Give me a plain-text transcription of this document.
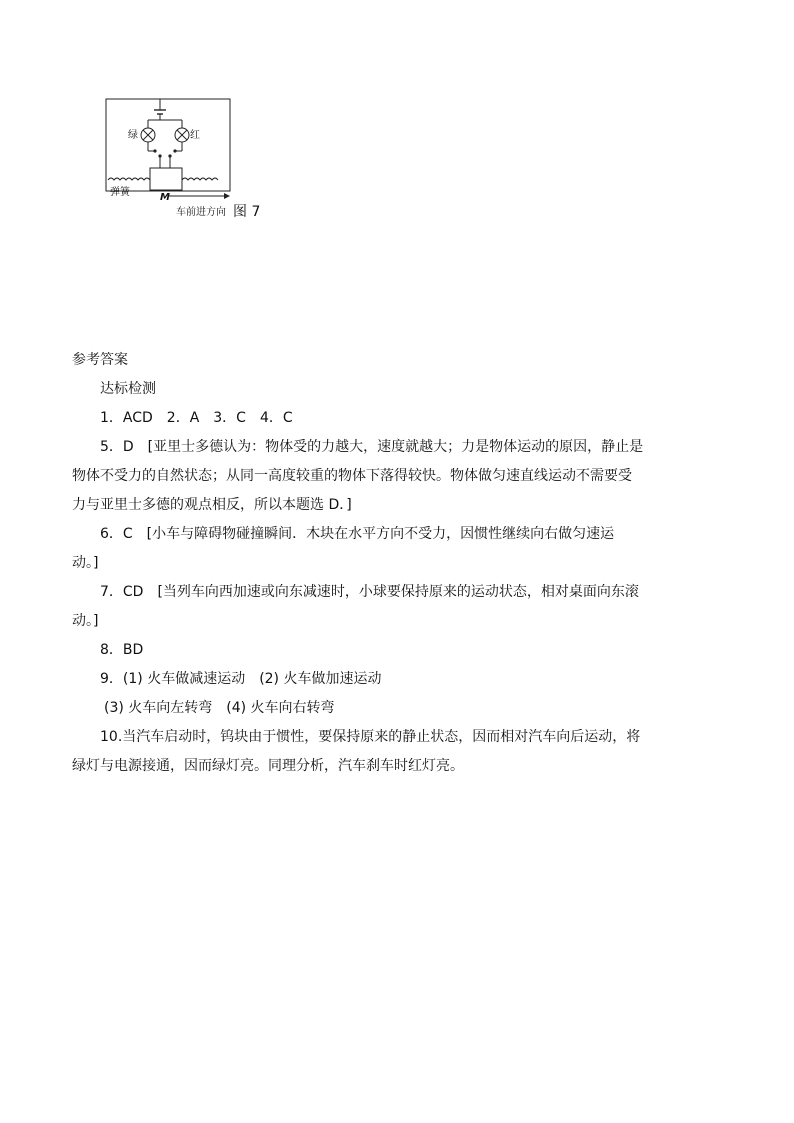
绿	红
弹簧	M
车前进方向 图 7
参考答案
达标检测
1．ACD　2．A　3．C　4．C
5．D　[亚里士多德认为：物体受的力越大，速度就越大；力是物体运动的原因，静止是
物体不受力的自然状态；从同一高度较重的物体下落得较快。物体做匀速直线运动不需要受
力与亚里士多德的观点相反，所以本题选 D．]
6．C　[小车与障碍物碰撞瞬间．木块在水平方向不受力，因惯性继续向右做匀速运
动。]
7．CD　[当列车向西加速或向东减速时，小球要保持原来的运动状态，相对桌面向东滚
动。]
8．BD
9．(1) 火车做减速运动　(2) 火车做加速运动
(3) 火车向左转弯　(4) 火车向右转弯
10.当汽车启动时，钨块由于惯性，要保持原来的静止状态，因而相对汽车向后运动，将
绿灯与电源接通，因而绿灯亮。同理分析，汽车刹车时红灯亮。
